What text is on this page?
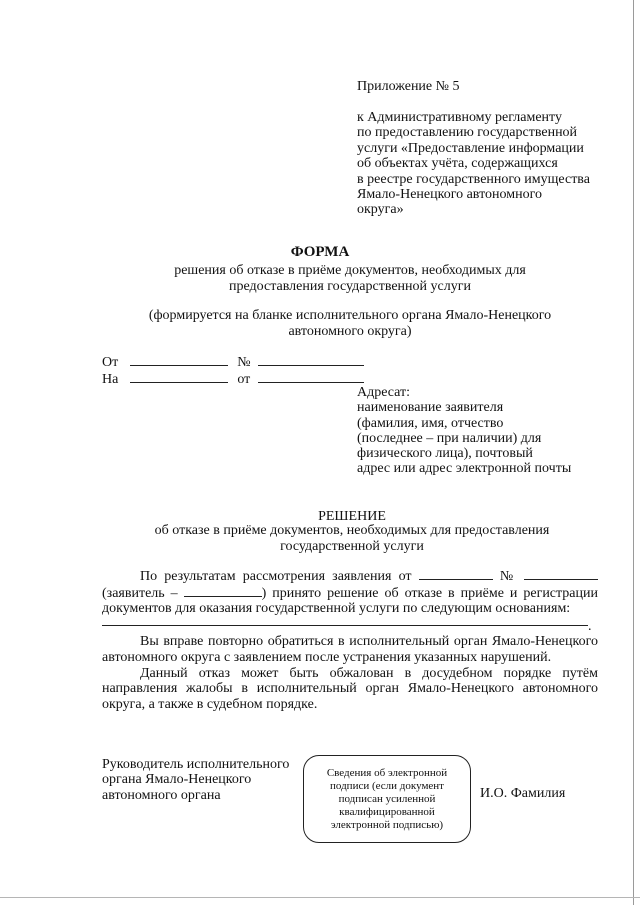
Приложение № 5
к Административному регламенту
по предоставлению государственной
услуги «Предоставление информации
об объектах учёта, содержащихся
в реестре государственного имущества
Ямало-Ненецкого автономного
округа»
ФОРМА
решения об отказе в приёме документов, необходимых для
предоставления государственной услуги
(формируется на бланке исполнительного органа Ямало-Ненецкого
автономного округа)
От	№
На	от
Адресат:
наименование заявителя
(фамилия, имя, отчество
(последнее – при наличии) для
физического лица), почтовый
адрес или адрес электронной почты
РЕШЕНИЕ
об отказе в приёме документов, необходимых для предоставления
государственной услуги

По результатам рассмотрения заявления от	№  (заявитель –	) принято решение об отказе в приёме и регистрации документов для оказания государственной услуги по следующим основаниям:

.

Вы вправе повторно обратиться в исполнительный орган Ямало-Ненецкого автономного округа с заявлением после устранения указанных нарушений.

Данный отказ может быть обжалован в досудебном порядке путём направления жалобы в исполнительный орган Ямало-Ненецкого автономного округа, а также в судебном порядке.

Руководитель исполнительного
органа Ямало-Ненецкого
автономного органа
Сведения об электронной подписи (если документ подписан усиленной квалифицированной электронной подписью)
И.О. Фамилия
